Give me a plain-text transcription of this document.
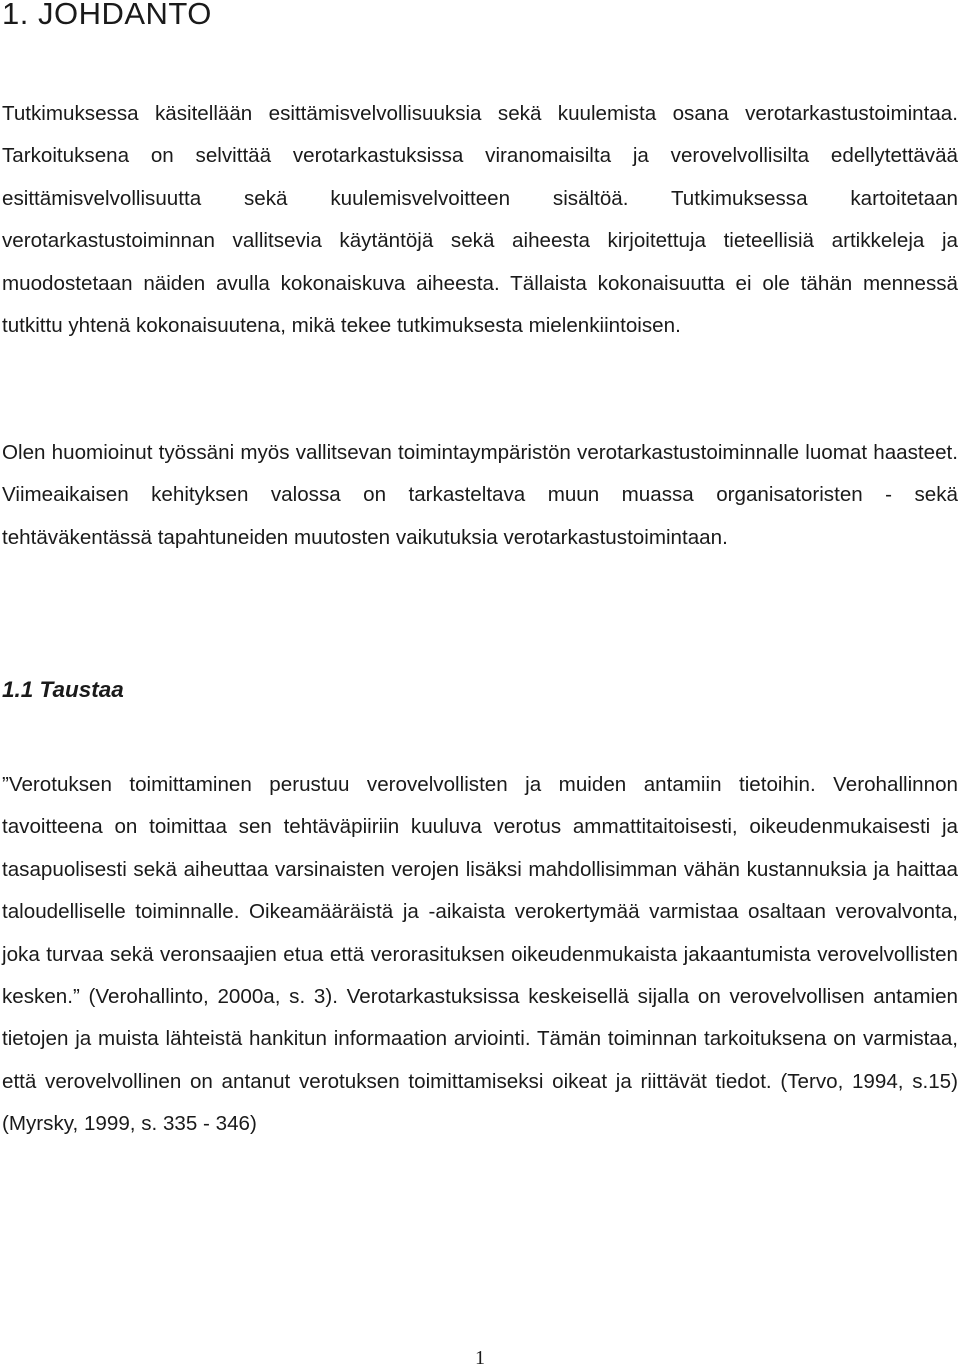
1. JOHDANTO

Tutkimuksessa käsitellään esittämisvelvollisuuksia sekä kuulemista osana verotarkastustoimintaa. Tarkoituksena on selvittää verotarkastuksissa viranomaisilta ja verovelvollisilta edellytettävää esittämisvelvollisuutta sekä kuulemisvelvoitteen sisältöä. Tutkimuksessa kartoitetaan verotarkastustoiminnan vallitsevia käytäntöjä sekä aiheesta kirjoitettuja tieteellisiä artikkeleja ja muodostetaan näiden avulla kokonaiskuva aiheesta. Tällaista kokonaisuutta ei ole tähän mennessä tutkittu yhtenä kokonaisuutena, mikä tekee tutkimuksesta mielenkiintoisen.

Olen huomioinut työssäni myös vallitsevan toimintaympäristön verotarkastustoiminnalle luomat haasteet. Viimeaikaisen kehityksen valossa on tarkasteltava muun muassa organisatoristen - sekä tehtäväkentässä tapahtuneiden muutosten vaikutuksia verotarkastustoimintaan.

1.1 Taustaa

”Verotuksen toimittaminen perustuu verovelvollisten ja muiden antamiin tietoihin. Verohallinnon tavoitteena on toimittaa sen tehtäväpiiriin kuuluva verotus ammattitaitoisesti, oikeudenmukaisesti ja tasapuolisesti sekä aiheuttaa varsinaisten verojen lisäksi mahdollisimman vähän kustannuksia ja haittaa taloudelliselle toiminnalle. Oikeamääräistä ja -aikaista verokertymää varmistaa osaltaan verovalvonta, joka turvaa sekä veronsaajien etua että verorasituksen oikeudenmukaista jakaantumista verovelvollisten kesken.” (Verohallinto, 2000a, s. 3). Verotarkastuksissa keskeisellä sijalla on verovelvollisen antamien tietojen ja muista lähteistä hankitun informaation arviointi. Tämän toiminnan tarkoituksena on varmistaa, että verovelvollinen on antanut verotuksen toimittamiseksi oikeat ja riittävät tiedot. (Tervo, 1994, s.15) (Myrsky, 1999, s. 335 - 346)

1
